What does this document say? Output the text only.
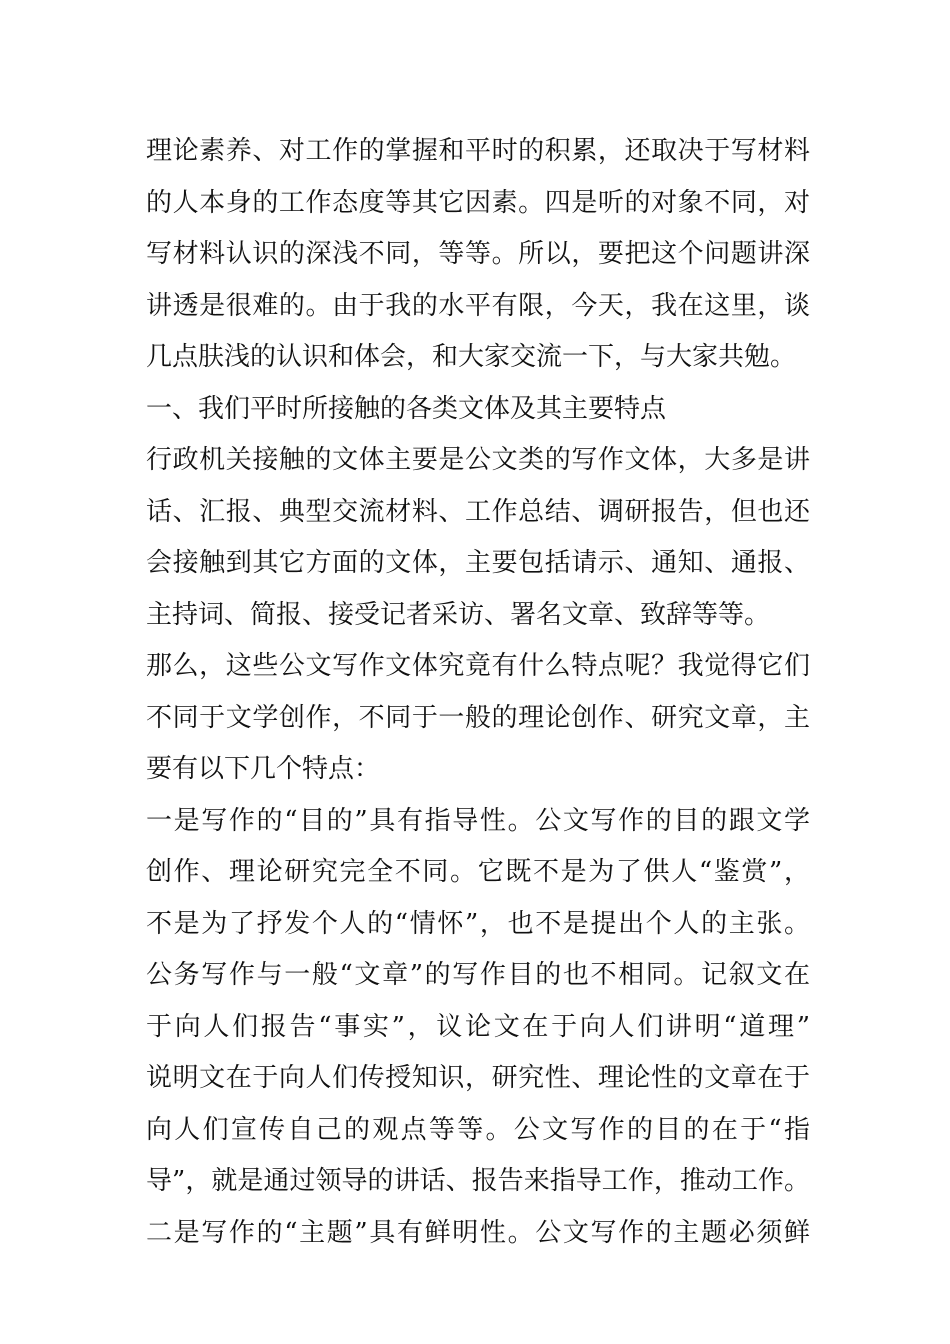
理论素养、对工作的掌握和平时的积累，还取决于写材料
的人本身的工作态度等其它因素。四是听的对象不同，对
写材料认识的深浅不同，等等。所以，要把这个问题讲深
讲透是很难的。由于我的水平有限，今天，我在这里，谈
几点肤浅的认识和体会，和大家交流一下，与大家共勉。
一、我们平时所接触的各类文体及其主要特点
行政机关接触的文体主要是公文类的写作文体，大多是讲
话、汇报、典型交流材料、工作总结、调研报告，但也还
会接触到其它方面的文体，主要包括请示、通知、通报、
主持词、简报、接受记者采访、署名文章、致辞等等。
那么，这些公文写作文体究竟有什么特点呢？我觉得它们
不同于文学创作，不同于一般的理论创作、研究文章，主
要有以下几个特点：
一是写作的“目的”具有指导性。公文写作的目的跟文学
创作、理论研究完全不同。它既不是为了供人“鉴赏”，
不是为了抒发个人的“情怀”，也不是提出个人的主张。
公务写作与一般“文章”的写作目的也不相同。记叙文在
于向人们报告“事实”，议论文在于向人们讲明“道理”
说明文在于向人们传授知识，研究性、理论性的文章在于
向人们宣传自己的观点等等。公文写作的目的在于“指
导”，就是通过领导的讲话、报告来指导工作，推动工作。
二是写作的“主题”具有鲜明性。公文写作的主题必须鲜
